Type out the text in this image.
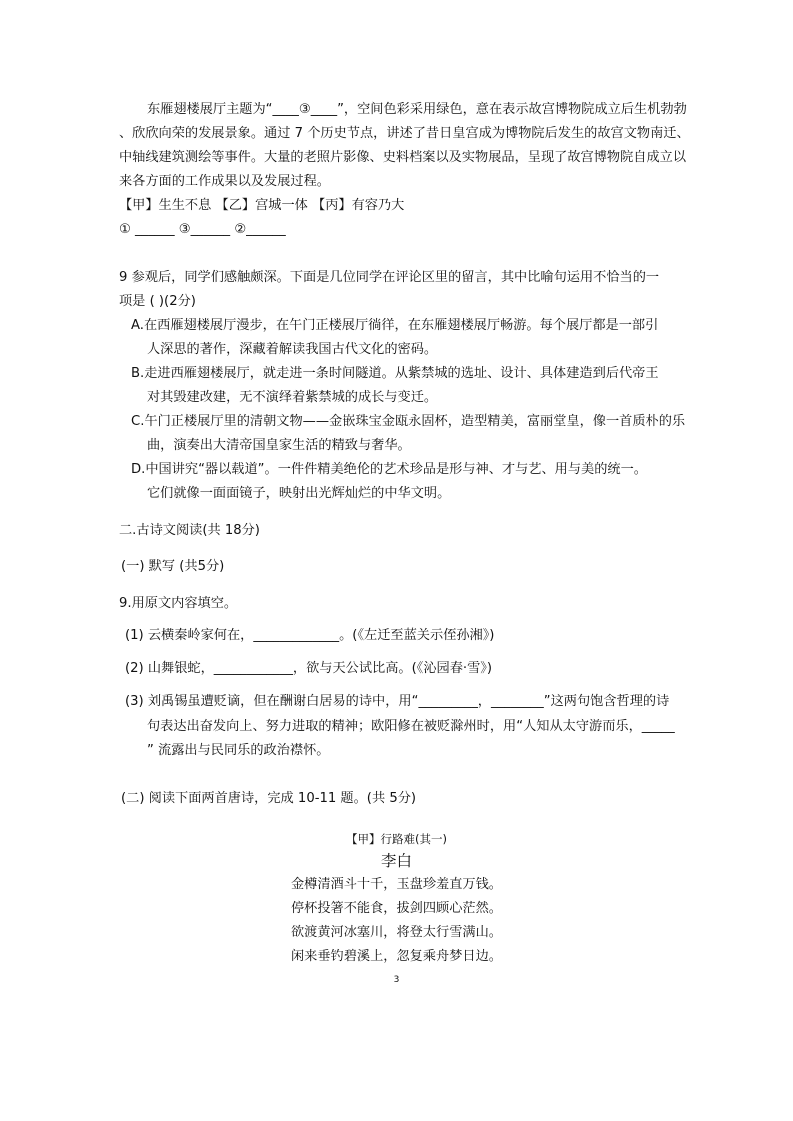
东雁翅楼展厅主题为“____③____”，空间色彩采用绿色，意在表示故宫博物院成立后生机勃勃
、欣欣向荣的发展景象。通过 7 个历史节点，讲述了昔日皇宫成为博物院后发生的故宫文物南迁、
中轴线建筑测绘等事件。大量的老照片影像、史料档案以及实物展品，呈现了故宫博物院自成立以
来各方面的工作成果以及发展过程。
【甲】生生不息 【乙】宫城一体 【丙】有容乃大
① ______ ③______ ②______
9 参观后，同学们感触颇深。下面是几位同学在评论区里的留言，其中比喻句运用不恰当的一
项是 ( )(2分)
A.在西雁翅楼展厅漫步，在午门正楼展厅徜徉，在东雁翅楼展厅畅游。每个展厅都是一部引
人深思的著作，深藏着解读我国古代文化的密码。
B.走进西雁翅楼展厅，就走进一条时间隧道。从紫禁城的选址、设计、具体建造到后代帝王
对其毁建改建，无不演绎着紫禁城的成长与变迁。
C.午门正楼展厅里的清朝文物——金嵌珠宝金瓯永固杯，造型精美，富丽堂皇，像一首质朴的乐
曲，演奏出大清帝国皇家生活的精致与奢华。
D.中国讲究“器以载道”。一件件精美绝伦的艺术珍品是形与神、才与艺、用与美的统一。
它们就像一面面镜子，映射出光辉灿烂的中华文明。
二.古诗文阅读(共 18分)
(一) 默写 (共5分)
9.用原文内容填空。
(1) 云横秦岭家何在，_____________。(《左迁至蓝关示侄孙湘》)
(2) 山舞银蛇，____________，欲与天公试比高。(《沁园春·雪》)
(3) 刘禹锡虽遭贬谪，但在酬谢白居易的诗中，用“_________，________”这两句饱含哲理的诗
句表达出奋发向上、努力进取的精神；欧阳修在被贬滁州时，用“人知从太守游而乐，_____
” 流露出与民同乐的政治襟怀。
(二) 阅读下面两首唐诗，完成 10-11 题。(共 5分)
【甲】行路难(其一)
李白
金樽清酒斗十千，玉盘珍羞直万钱。
停杯投箸不能食，拔剑四顾心茫然。
欲渡黄河冰塞川，将登太行雪满山。
闲来垂钓碧溪上，忽复乘舟梦日边。
3
